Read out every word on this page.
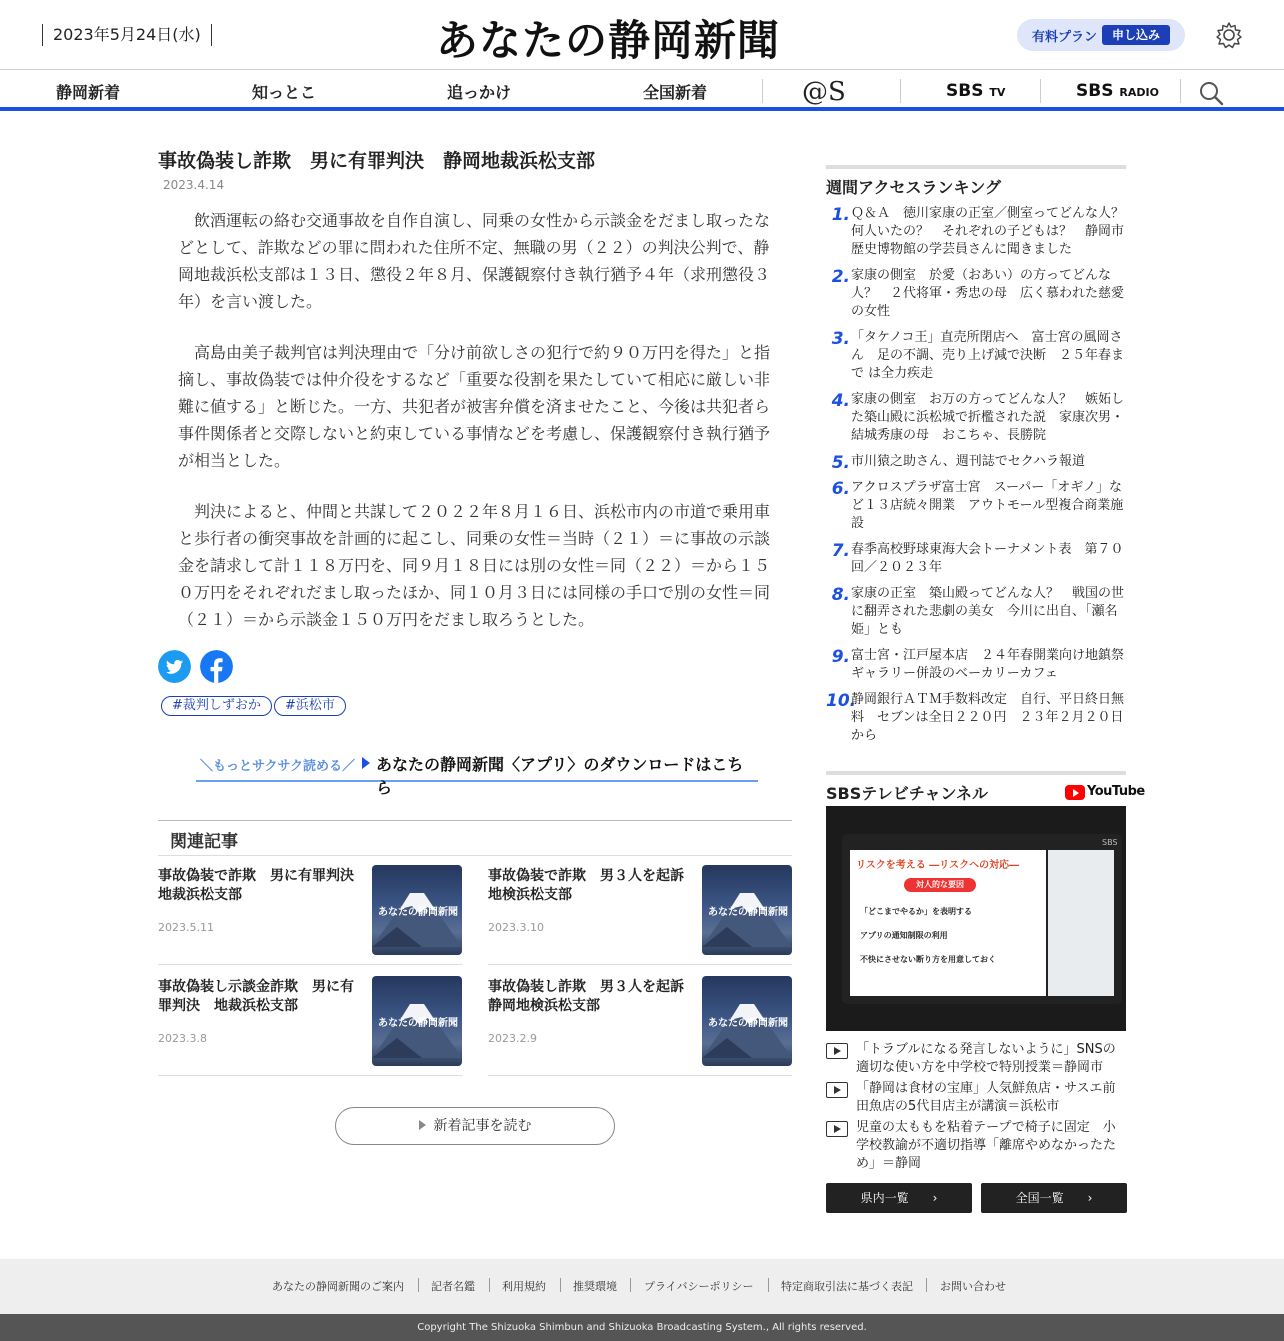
2023年5月24日(水)	あなたの静岡新聞	有料プラン	申し込み
静岡新着	知っとこ	追っかけ	全国新着	@S	SBS TV	SBS RADIO
事故偽装し詐欺　男に有罪判決　静岡地裁浜松支部
2023.4.14

飲酒運転の絡む交通事故を自作自演し、同乗の女性から示談金をだまし取ったなどとして、詐欺などの罪に問われた住所不定、無職の男（２２）の判決公判で、静岡地裁浜松支部は１３日、懲役２年８月、保護観察付き執行猶予４年（求刑懲役３年）を言い渡した。

高島由美子裁判官は判決理由で「分け前欲しさの犯行で約９０万円を得た」と指摘し、事故偽装では仲介役をするなど「重要な役割を果たしていて相応に厳しい非難に値する」と断じた。一方、共犯者が被害弁償を済ませたこと、今後は共犯者ら事件関係者と交際しないと約束している事情などを考慮し、保護観察付き執行猶予が相当とした。

判決によると、仲間と共謀して２０２２年８月１６日、浜松市内の市道で乗用車と歩行者の衝突事故を計画的に起こし、同乗の女性＝当時（２１）＝に事故の示談金を請求して計１１８万円を、同９月１８日には別の女性＝同（２２）＝から１５０万円をそれぞれだまし取ったほか、同１０月３日には同様の手口で別の女性＝同（２１）＝から示談金１５０万円をだまし取ろうとした。

#裁判しずおか	#浜松市
＼もっとサクサク読める／ あなたの静岡新聞〈アプリ〉のダウンロードはこちら
関連記事
事故偽装で詐欺　男に有罪判決　地裁浜松支部
2023.5.11
あなたの静岡新聞
事故偽装で詐欺　男３人を起訴　地検浜松支部
2023.3.10
あなたの静岡新聞
事故偽装し示談金詐欺　男に有罪判決　地裁浜松支部
2023.3.8
あなたの静岡新聞
事故偽装し詐欺　男３人を起訴　静岡地検浜松支部
2023.2.9
あなたの静岡新聞
新着記事を読む
週間アクセスランキング
1. Ｑ＆Ａ　徳川家康の正室／側室ってどんな人？　何人いたの？　それぞれの子どもは？　静岡市歴史博物館の学芸員さんに聞きました
2. 家康の側室　於愛（おあい）の方ってどんな人？　２代将軍・秀忠の母　広く慕われた慈愛の女性
3. 「タケノコ王」直売所閉店へ　富士宮の風岡さん　足の不調、売り上げ減で決断　２５年春まで は全力疾走
4. 家康の側室　お万の方ってどんな人？　嫉妬した築山殿に浜松城で折檻された説　家康次男・結城秀康の母　おこちゃ、長勝院
5. 市川猿之助さん、週刊誌でセクハラ報道
6. アクロスプラザ富士宮　スーパー「オギノ」など１３店続々開業　アウトモール型複合商業施設
7. 春季高校野球東海大会トーナメント表　第７０回／２０２３年
8. 家康の正室　築山殿ってどんな人？　戦国の世に翻弄された悲劇の美女　今川に出自、「瀬名姫」とも
9. 富士宮・江戸屋本店　２４年春開業向け地鎮祭　ギャラリー併設のベーカリーカフェ
10.
静岡銀行ＡＴＭ手数料改定　自行、平日終日無料　セブンは全日２２０円　２３年２月２０日から
SBSテレビチャンネル	YouTube
リスクを考える ―リスクへの対応―
対人的な要因
「どこまでやるか」を表明する
アプリの通知制限の利用
不快にさせない断り方を用意しておく
SBS
「トラブルになる発言しないように」SNSの適切な使い方を中学校で特別授業＝静岡市
「静岡は食材の宝庫」人気鮮魚店・サスエ前田魚店の5代目店主が講演＝浜松市
児童の太ももを粘着テープで椅子に固定　小学校教諭が不適切指導「離席やめなかったため」＝静岡
県内一覧 ›	全国一覧 ›
あなたの静岡新聞のご案内 記者名鑑 利用規約 推奨環境 プライバシーポリシー	特定商取引法に基づく表記 お問い合わせ
Copyright The Shizuoka Shimbun and Shizuoka Broadcasting System., All rights reserved.
